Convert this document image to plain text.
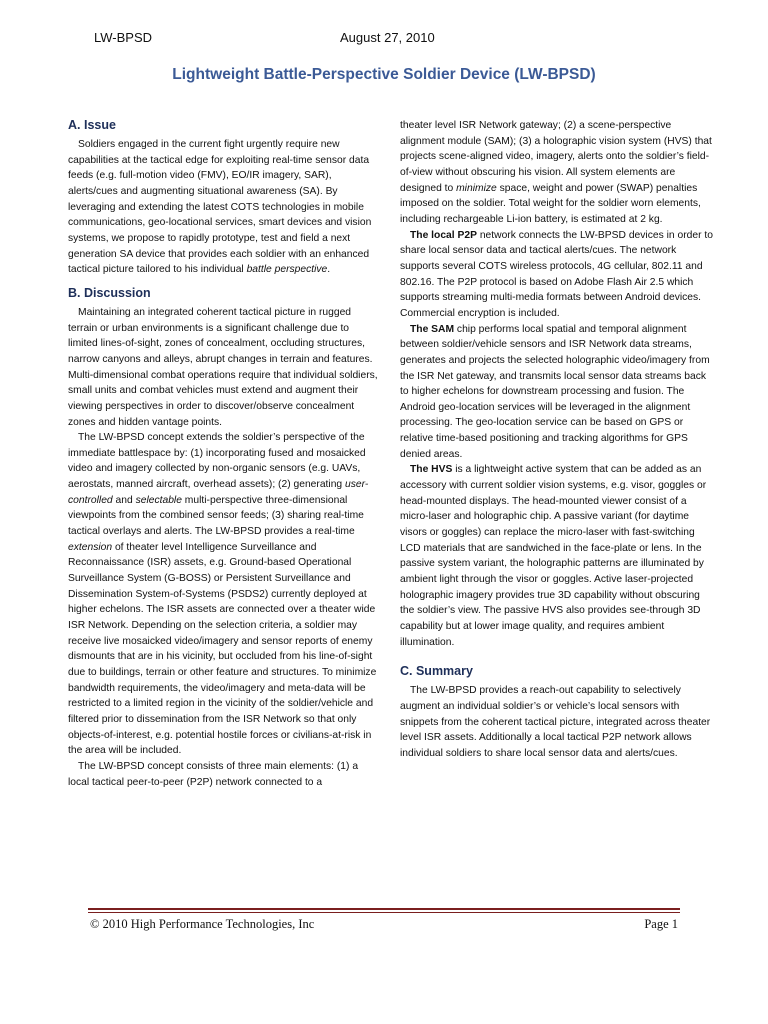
LW-BPSD	August 27, 2010
Lightweight Battle-Perspective Soldier Device (LW-BPSD)
A. Issue

Soldiers engaged in the current fight urgently require new capabilities at the tactical edge for exploiting real-time sensor data feeds (e.g. full-motion video (FMV), EO/IR imagery, SAR), alerts/cues and augmenting situational awareness (SA). By leveraging and extending the latest COTS technologies in mobile communications, geo-locational services, smart devices and vision systems, we propose to rapidly prototype, test and field a next generation SA device that provides each soldier with an enhanced tactical picture tailored to his individual battle perspective.

B. Discussion

Maintaining an integrated coherent tactical picture in rugged terrain or urban environments is a significant challenge due to limited lines-of-sight, zones of concealment, occluding structures, narrow canyons and alleys, abrupt changes in terrain and features. Multi-dimensional combat operations require that individual soldiers, small units and combat vehicles must extend and augment their viewing perspectives in order to discover/observe concealment zones and hidden vantage points.

The LW-BPSD concept extends the soldier’s perspective of the immediate battlespace by: (1) incorporating fused and mosaicked video and imagery collected by non-organic sensors (e.g. UAVs, aerostats, manned aircraft, overhead assets); (2) generating user-controlled and selectable multi-perspective three-dimensional viewpoints from the combined sensor feeds; (3) sharing real-time tactical overlays and alerts. The LW-BPSD provides a real-time extension of theater level Intelligence Surveillance and Reconnaissance (ISR) assets, e.g. Ground-based Operational Surveillance System (G-BOSS) or Persistent Surveillance and Dissemination System-of-Systems (PSDS2) currently deployed at higher echelons. The ISR assets are connected over a theater wide ISR Network. Depending on the selection criteria, a soldier may receive live mosaicked video/imagery and sensor reports of enemy dismounts that are in his vicinity, but occluded from his line-of-sight due to buildings, terrain or other feature and structures. To minimize bandwidth requirements, the video/imagery and meta-data will be restricted to a limited region in the vicinity of the soldier/vehicle and filtered prior to dissemination from the ISR Network so that only objects-of-interest, e.g. potential hostile forces or civilians-at-risk in the area will be included.

The LW-BPSD concept consists of three main elements: (1) a local tactical peer-to-peer (P2P) network connected to a

theater level ISR Network gateway; (2) a scene-perspective alignment module (SAM); (3) a holographic vision system (HVS) that projects scene-aligned video, imagery, alerts onto the soldier’s field-of-view without obscuring his vision. All system elements are designed to minimize space, weight and power (SWAP) penalties imposed on the soldier. Total weight for the soldier worn elements, including rechargeable Li-ion battery, is estimated at 2 kg.

The local P2P network connects the LW-BPSD devices in order to share local sensor data and tactical alerts/cues. The network supports several COTS wireless protocols, 4G cellular, 802.11 and 802.16. The P2P protocol is based on Adobe Flash Air 2.5 which supports streaming multi-media formats between Android devices. Commercial encryption is included.

The SAM chip performs local spatial and temporal alignment between soldier/vehicle sensors and ISR Network data streams, generates and projects the selected holographic video/imagery from the ISR Net gateway, and transmits local sensor data streams back to higher echelons for downstream processing and fusion. The Android geo-location services will be leveraged in the alignment processing. The geo-location service can be based on GPS or relative time-based positioning and tracking algorithms for GPS denied areas.

The HVS is a lightweight active system that can be added as an accessory with current soldier vision systems, e.g. visor, goggles or head-mounted displays. The head-mounted viewer consist of a micro-laser and holographic chip. A passive variant (for daytime visors or goggles) can replace the micro-laser with fast-switching LCD materials that are sandwiched in the face-plate or lens. In the passive system variant, the holographic patterns are illuminated by ambient light through the visor or goggles. Active laser-projected holographic imagery provides true 3D capability without obscuring the soldier’s view. The passive HVS also provides see-through 3D capability but at lower image quality, and requires ambient illumination.

C. Summary

The LW-BPSD provides a reach-out capability to selectively augment an individual soldier’s or vehicle’s local sensors with snippets from the coherent tactical picture, integrated across theater level ISR assets. Additionally a local tactical P2P network allows individual soldiers to share local sensor data and alerts/cues.

© 2010 High Performance Technologies, Inc	Page 1
